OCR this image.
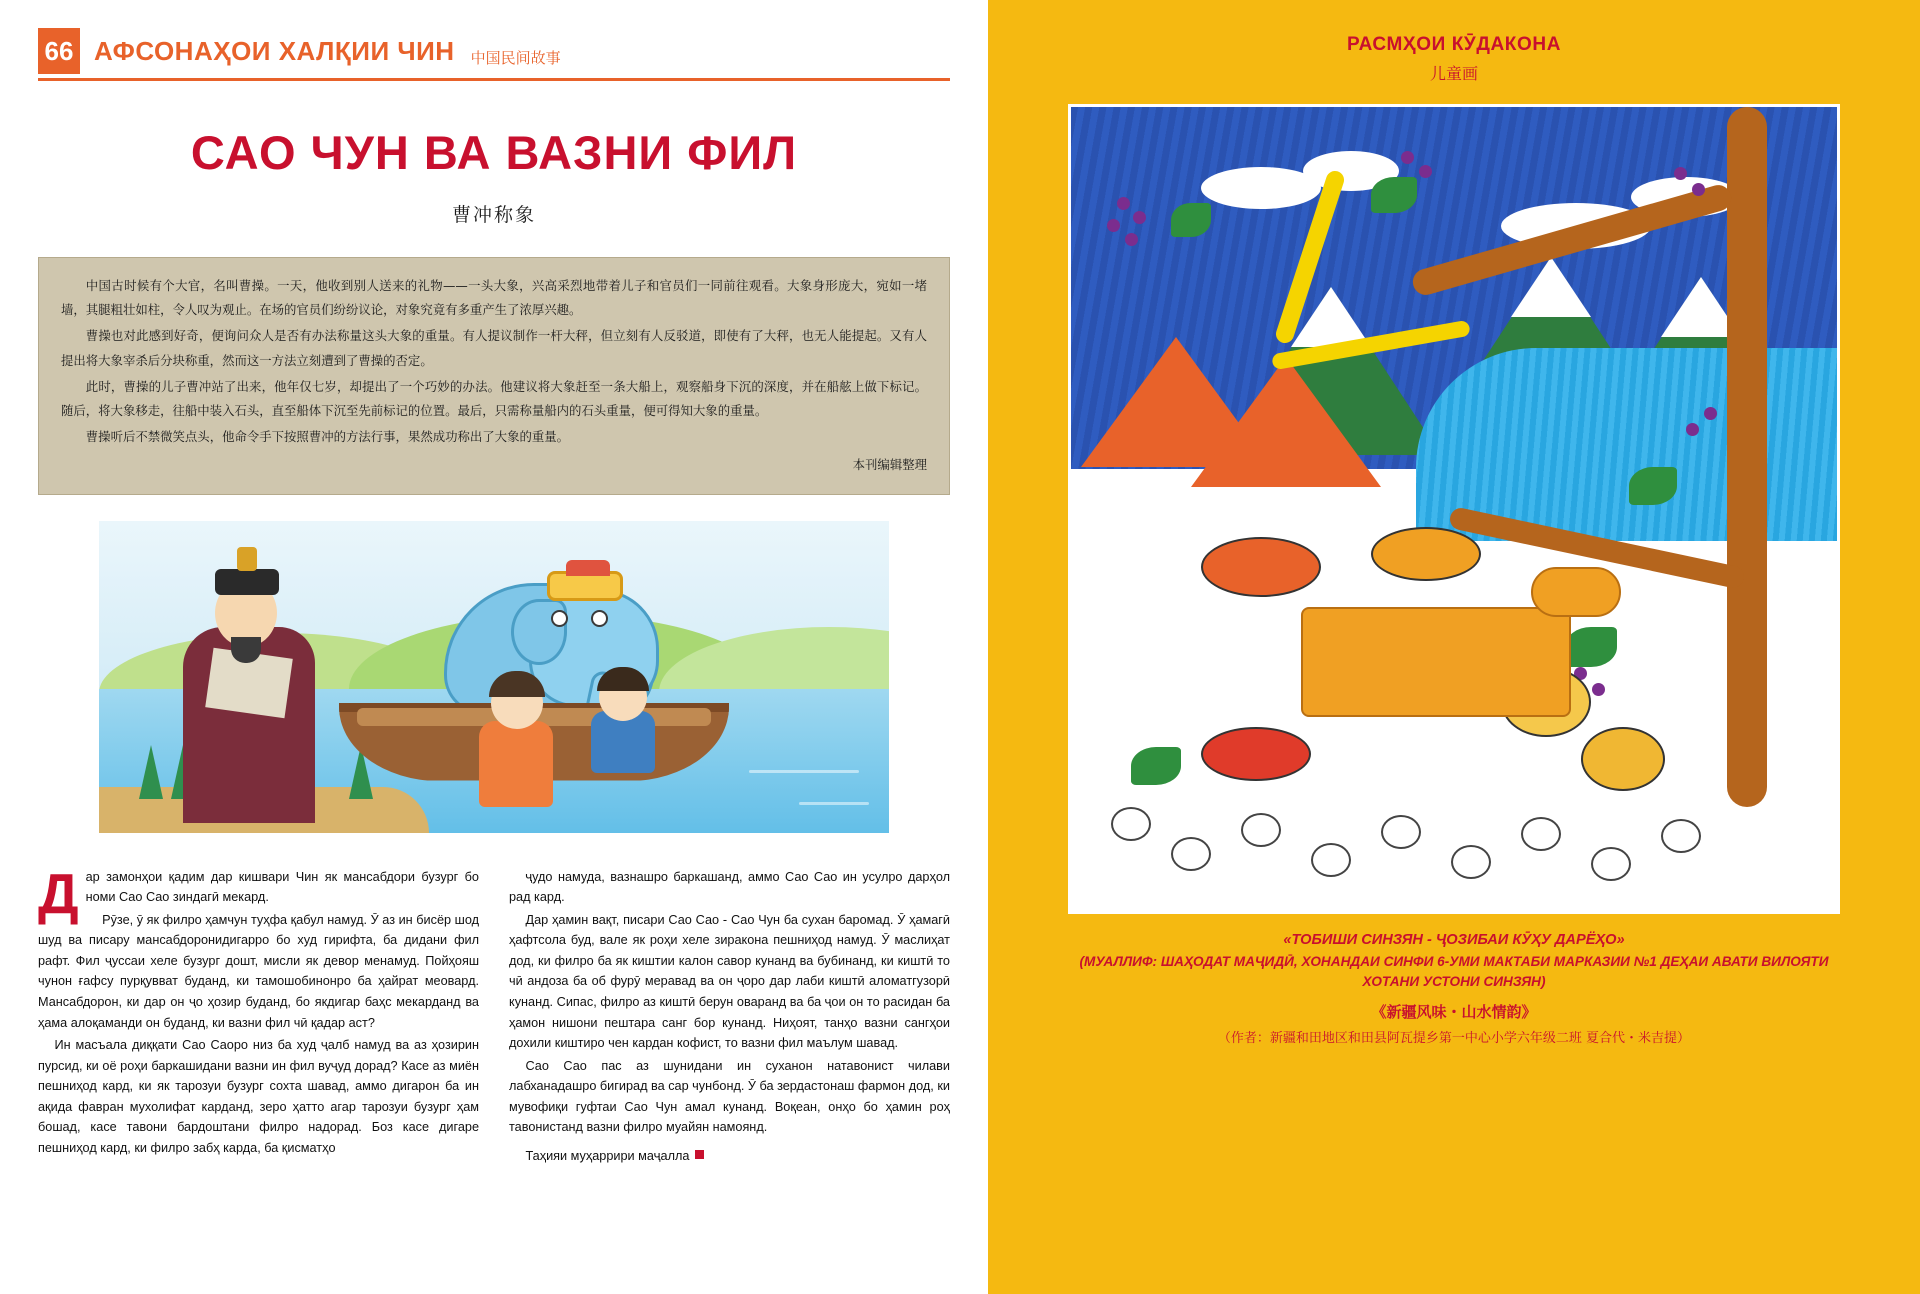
66 АФСОНАҲОИ ХАЛҚИИ ЧИН 中国民间故事
САО ЧУН ВА ВАЗНИ ФИЛ
曹冲称象

中国古时候有个大官，名叫曹操。一天，他收到别人送来的礼物——一头大象，兴高采烈地带着儿子和官员们一同前往观看。大象身形庞大，宛如一堵墙，其腿粗壮如柱，令人叹为观止。在场的官员们纷纷议论，对象究竟有多重产生了浓厚兴趣。

曹操也对此感到好奇，便询问众人是否有办法称量这头大象的重量。有人提议制作一杆大秤，但立刻有人反驳道，即使有了大秤，也无人能提起。又有人提出将大象宰杀后分块称重，然而这一方法立刻遭到了曹操的否定。

此时，曹操的儿子曹冲站了出来，他年仅七岁，却提出了一个巧妙的办法。他建议将大象赶至一条大船上，观察船身下沉的深度，并在船舷上做下标记。随后，将大象移走，往船中装入石头，直至船体下沉至先前标记的位置。最后，只需称量船内的石头重量，便可得知大象的重量。

曹操听后不禁微笑点头，他命令手下按照曹冲的方法行事，果然成功称出了大象的重量。

本刊编辑整理

Дар замонҳои қадим дар кишвари Чин як мансабдори бузург бо номи Сао Сао зиндагӣ мекард.

Рӯзе, ӯ як филро ҳамчун туҳфа қабул намуд. Ӯ аз ин бисёр шод шуд ва писару мансабдоронидигарро бо худ гирифта, ба дидани фил рафт. Фил ҷуссаи хеле бузург дошт, мисли як девор менамуд. Пойҳояш чунон ғафсу пурқувват буданд, ки тамошобинонро ба ҳайрат меовард. Мансабдорон, ки дар он ҷо ҳозир буданд, бо якдигар баҳс мекарданд ва ҳама алоқаманди он буданд, ки вазни фил чӣ қадар аст?

Ин масъала диққати Сао Саоро низ ба худ ҷалб намуд ва аз ҳозирин пурсид, ки оё роҳи баркашидани вазни ин фил вуҷуд дорад? Касе аз миён пешниҳод кард, ки як тарозуи бузург сохта шавад, аммо дигарон ба ин ақида фавран мухолифат карданд, зеро ҳатто агар тарозуи бузург ҳам бошад, касе тавони бардоштани филро надорад. Боз касе дигаре пешниҳод кард, ки филро забҳ карда, ба қисматҳо

ҷудо намуда, вазнашро баркашанд, аммо Сао Сао ин усулро дарҳол рад кард.

Дар ҳамин вақт, писари Сао Сао - Сао Чун ба сухан баромад. Ӯ ҳамагӣ ҳафтсола буд, вале як роҳи хеле зиракона пешниҳод намуд. Ӯ маслиҳат дод, ки филро ба як киштии калон савор кунанд ва бубинанд, ки киштӣ то чӣ андоза ба об фурӯ меравад ва он ҷоро дар лаби киштӣ аломатгузорӣ кунанд. Сипас, филро аз киштӣ берун оваранд ва ба ҷои он то расидан ба ҳамон нишони пештара санг бор кунанд. Ниҳоят, танҳо вазни сангҳои дохили киштиро чен кардан кофист, то вазни фил маълум шавад.

Сао Сао пас аз шунидани ин суханон натавонист чилави лабханадашро бигирад ва сар чунбонд. Ӯ ба зердастонаш фармон дод, ки мувофиқи гуфтаи Сао Чун амал кунанд. Воқеан, онҳо бо ҳамин роҳ тавонистанд вазни филро муайян намоянд.

Таҳияи муҳаррири маҷалла

РАСМҲОИ КӮДАКОНА
儿童画
«ТОБИШИ СИНЗЯН - ҶОЗИБАИ КӮҲУ ДАРЁҲО»
(МУАЛЛИФ: ШАҲОДАТ МАҶИДӢ, ХОНАНДАИ СИНФИ 6-УМИ МАКТАБИ МАРКАЗИИ №1 ДЕҲАИ АВАТИ ВИЛОЯТИ ХОТАНИ УСТОНИ СИНЗЯН)
《新疆风味・山水情韵》
（作者：新疆和田地区和田县阿瓦提乡第一中心小学六年级二班 夏合代・米吉提）
